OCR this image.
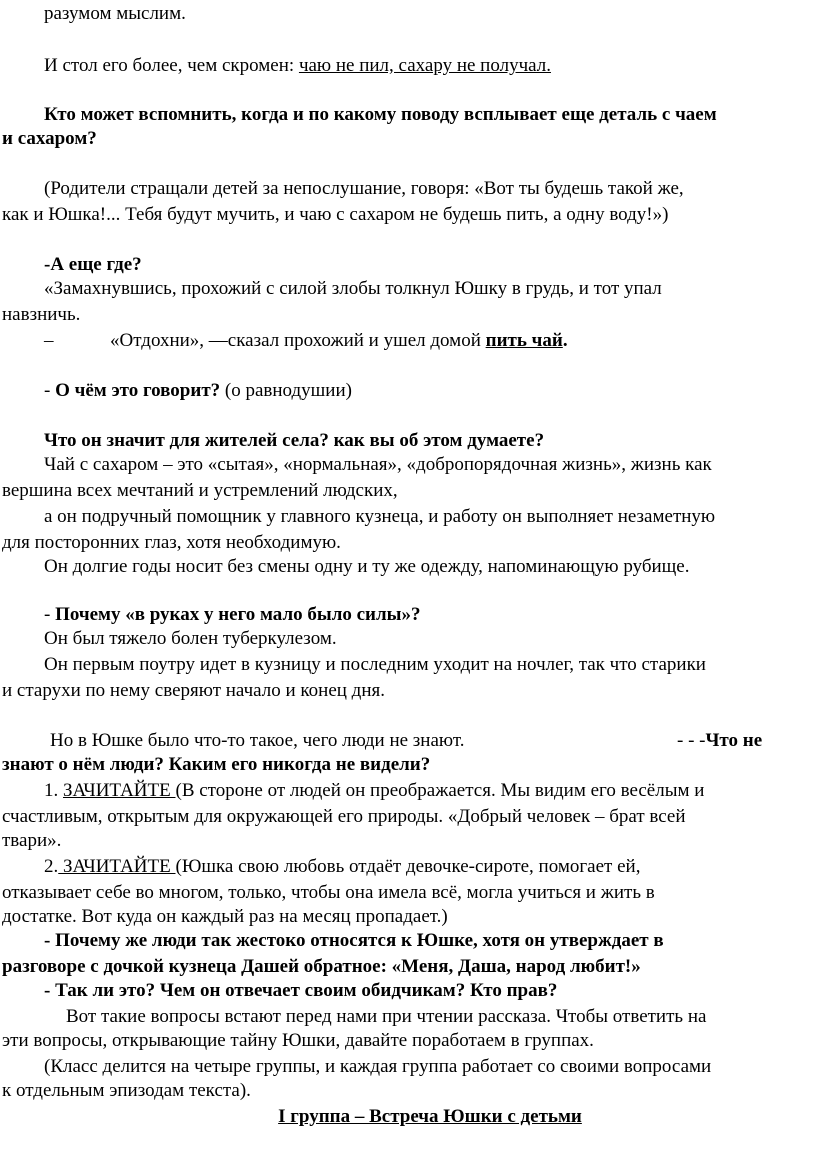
разумом мыслим.
И стол его более, чем скромен: чаю не пил, сахару не получал.
Кто может вспомнить, когда и по какому поводу всплывает еще деталь с чаем
и сахаром?
(Родители стращали детей за непослушание, говоря: «Вот ты будешь такой же,
как и Юшка!... Тебя будут мучить, и чаю с сахаром не будешь пить, а одну воду!»)
-А еще где?
«Замахнувшись, прохожий с силой злобы толкнул Юшку в грудь, и тот упал
навзничь.
–	«Отдохни», —сказал прохожий и ушел домой пить чай.
- О чём это говорит? (о равнодушии)
Что он значит для жителей села? как вы об этом думаете?
Чай с сахаром – это «сытая», «нормальная», «добропорядочная жизнь», жизнь как
вершина всех мечтаний и устремлений людских,
а он подручный помощник у главного кузнеца, и работу он выполняет незаметную
для посторонних глаз, хотя необходимую.
Он долгие годы носит без смены одну и ту же одежду, напоминающую рубище.
- Почему «в руках у него мало было силы»?
Он был тяжело болен туберкулезом.
Он первым поутру идет в кузницу и последним уходит на ночлег, так что старики
и старухи по нему сверяют начало и конец дня.
Но в Юшке было что-то такое, чего люди не знают.	- - -Что не
знают о нём люди? Каким его никогда не видели?
1. ЗАЧИТАЙТЕ (В стороне от людей он преображается. Мы видим его весёлым и
счастливым, открытым для окружающей его природы. «Добрый человек – брат всей
твари».
2. ЗАЧИТАЙТЕ (Юшка свою любовь отдаёт девочке-сироте, помогает ей,
отказывает себе во многом, только, чтобы она имела всё, могла учиться и жить в
достатке. Вот куда он каждый раз на месяц пропадает.)
- Почему же люди так жестоко относятся к Юшке, хотя он утверждает в
разговоре с дочкой кузнеца Дашей обратное: «Меня, Даша, народ любит!»
- Так ли это? Чем он отвечает своим обидчикам? Кто прав?
Вот такие вопросы встают перед нами при чтении рассказа. Чтобы ответить на
эти вопросы, открывающие тайну Юшки, давайте поработаем в группах.
(Класс делится на четыре группы, и каждая группа работает со своими вопросами
к отдельным эпизодам текста).
I группа – Встреча Юшки с детьми
